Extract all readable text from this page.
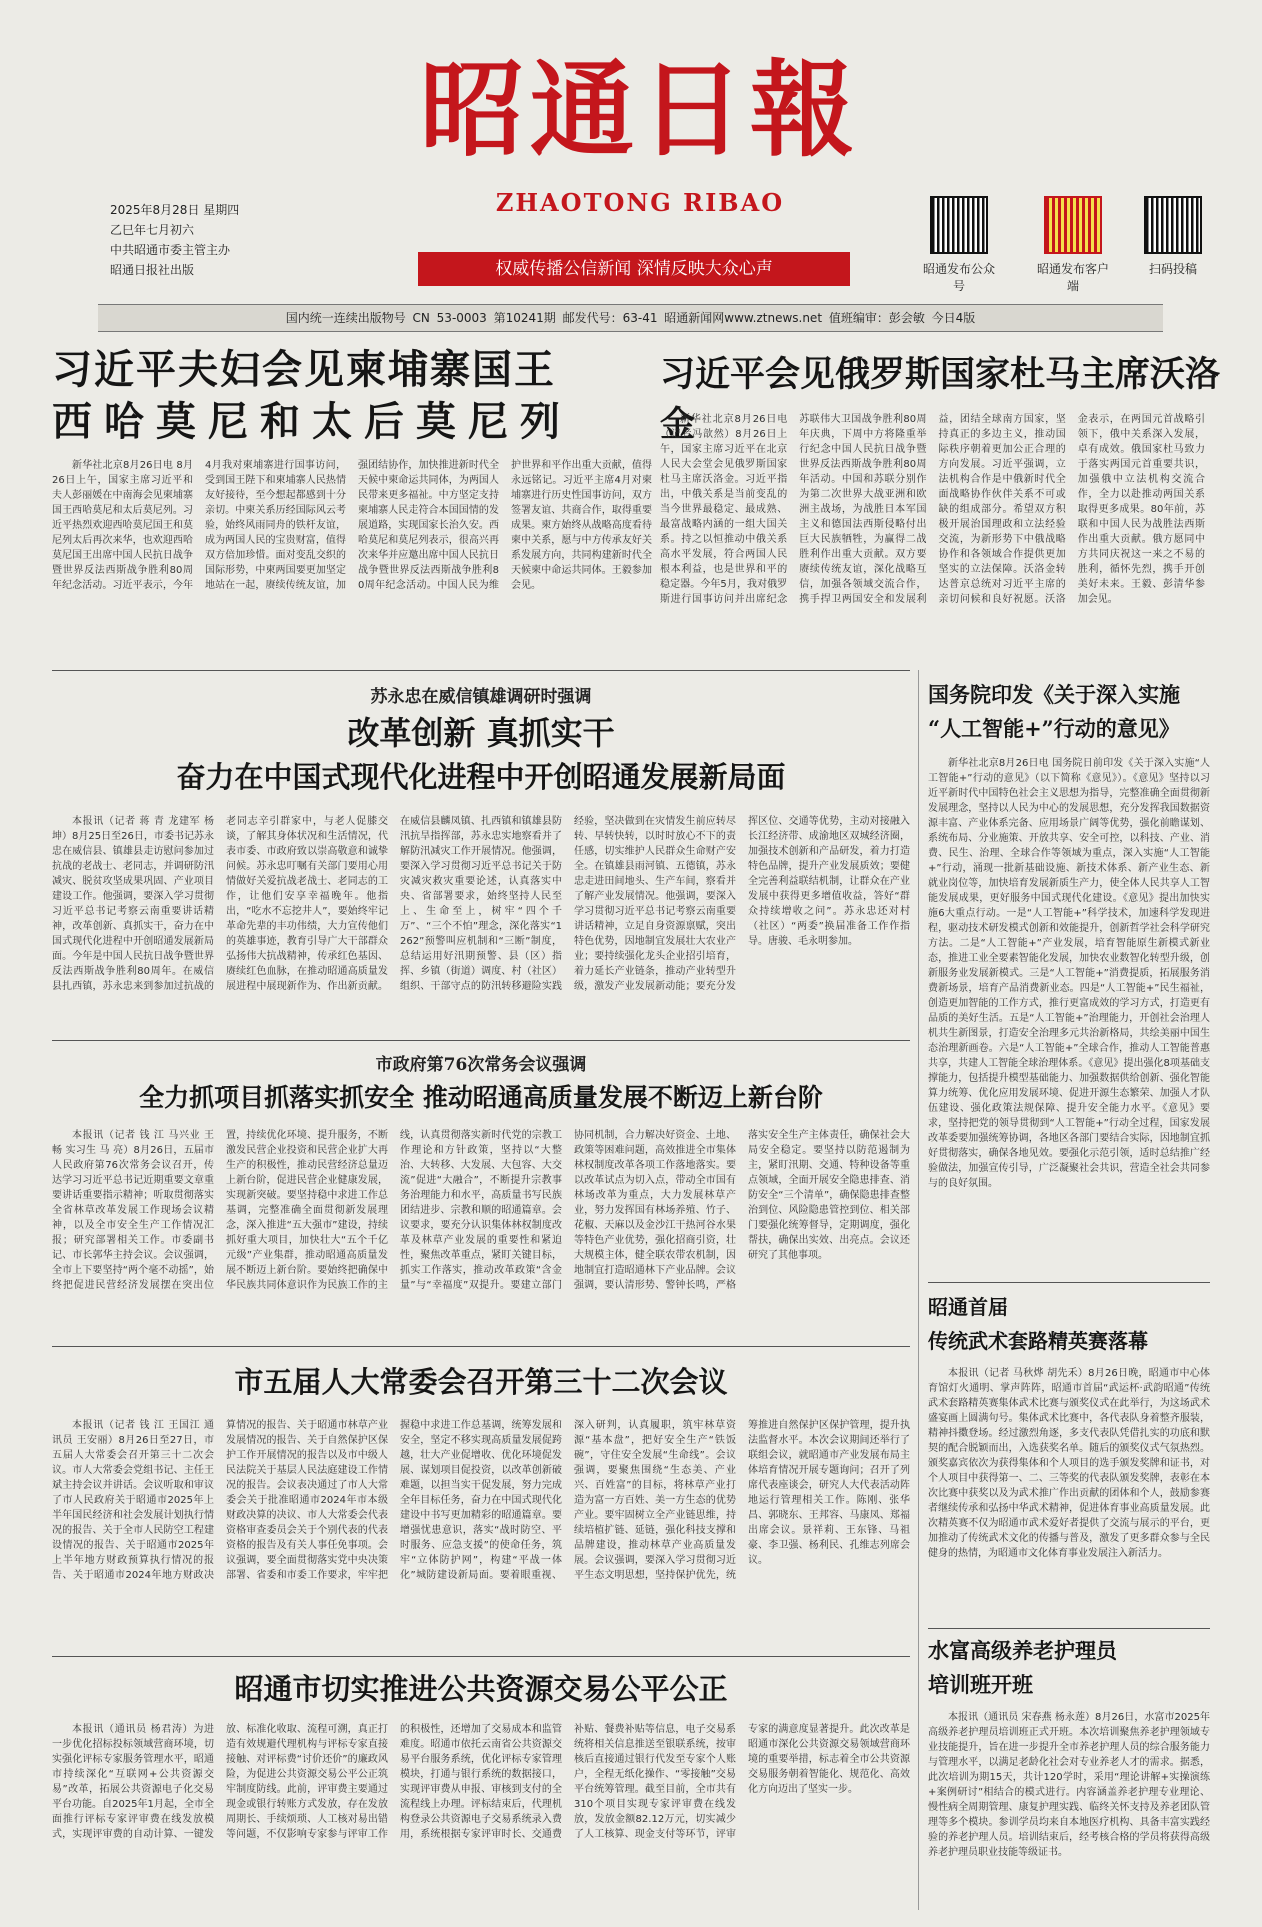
昭通日報
ZHAOTONG RIBAO
权威传播公信新闻 深情反映大众心声
2025年8月28日 星期四
乙巳年七月初六
中共昭通市委主管主办
昭通日报社出版	昭通发布公众号
昭通发布客户端
扫码投稿
国内统一连续出版物号 CN 53-0003 第10241期 邮发代号：63-41 昭通新闻网www.ztnews.net 值班编审：彭会敏 今日4版
习近平夫妇会见柬埔寨国王
西哈莫尼和太后莫尼列

新华社北京8月26日电 8月26日上午，国家主席习近平和夫人彭丽媛在中南海会见柬埔寨国王西哈莫尼和太后莫尼列。习近平热烈欢迎西哈莫尼国王和莫尼列太后再次来华，也欢迎西哈莫尼国王出席中国人民抗日战争暨世界反法西斯战争胜利80周年纪念活动。习近平表示，今年4月我对柬埔寨进行国事访问，受到国王陛下和柬埔寨人民热情友好接待，至今想起都感到十分亲切。中柬关系历经国际风云考验，始终风雨同舟的铁杆友谊，成为两国人民的宝贵财富，值得双方倍加珍惜。面对变乱交织的国际形势，中柬两国要更加坚定地站在一起，赓续传统友谊，加强团结协作，加快推进新时代全天候中柬命运共同体，为两国人民带来更多福祉。中方坚定支持柬埔寨人民走符合本国国情的发展道路，实现国家长治久安。西哈莫尼和莫尼列表示，很高兴再次来华并应邀出席中国人民抗日战争暨世界反法西斯战争胜利80周年纪念活动。中国人民为维护世界和平作出重大贡献，值得永远铭记。习近平主席4月对柬埔寨进行历史性国事访问，双方签署友谊、共商合作，取得重要成果。柬方始终从战略高度看待柬中关系，愿与中方传承友好关系发展方向，共同构建新时代全天候柬中命运共同体。王毅参加会见。

习近平会见俄罗斯国家杜马主席沃洛金

新华社北京8月26日电（记者冯歆然）8月26日上午，国家主席习近平在北京人民大会堂会见俄罗斯国家杜马主席沃洛金。习近平指出，中俄关系是当前变乱的当今世界最稳定、最成熟、最富战略内涵的一组大国关系。持之以恒推动中俄关系高水平发展，符合两国人民根本利益，也是世界和平的稳定器。今年5月，我对俄罗斯进行国事访问并出席纪念苏联伟大卫国战争胜利80周年庆典，下周中方将隆重举行纪念中国人民抗日战争暨世界反法西斯战争胜利80周年活动。中国和苏联分别作为第二次世界大战亚洲和欧洲主战场，为战胜日本军国主义和德国法西斯侵略付出巨大民族牺牲，为赢得二战胜利作出重大贡献。双方要赓续传统友谊，深化战略互信，加强各领域交流合作，携手捍卫两国安全和发展利益，团结全球南方国家，坚持真正的多边主义，推动国际秩序朝着更加公正合理的方向发展。习近平强调，立法机构合作是中俄新时代全面战略协作伙伴关系不可或缺的组成部分。希望双方积极开展治国理政和立法经验交流，为新形势下中俄战略协作和各领域合作提供更加坚实的立法保障。沃洛金转达普京总统对习近平主席的亲切问候和良好祝愿。沃洛金表示，在两国元首战略引领下，俄中关系深入发展，卓有成效。俄国家杜马致力于落实两国元首重要共识，加强俄中立法机构交流合作，全力以赴推动两国关系取得更多成果。80年前，苏联和中国人民为战胜法西斯作出重大贡献。俄方愿同中方共同庆祝这一来之不易的胜利，循怀先烈，携手开创美好未来。王毅、彭清华参加会见。

苏永忠在威信镇雄调研时强调
改革创新 真抓实干
奋力在中国式现代化进程中开创昭通发展新局面

本报讯（记者 蒋 青 龙建军 杨坤）8月25日至26日，市委书记苏永忠在威信县、镇雄县走访慰问参加过抗战的老战士、老同志，并调研防汛减灾、脱贫攻坚成果巩固、产业项目建设工作。他强调，要深入学习贯彻习近平总书记考察云南重要讲话精神，改革创新、真抓实干，奋力在中国式现代化进程中开创昭通发展新局面。今年是中国人民抗日战争暨世界反法西斯战争胜利80周年。在威信县扎西镇，苏永忠来到参加过抗战的老同志辛引群家中，与老人促膝交谈，了解其身体状况和生活情况，代表市委、市政府致以崇高敬意和诚挚问候。苏永忠叮嘱有关部门要用心用情做好关爱抗战老战士、老同志的工作，让他们安享幸福晚年。他指出，“吃水不忘挖井人”，要始终牢记革命先辈的丰功伟绩，大力宣传他们的英雄事迹，教育引导广大干部群众弘扬伟大抗战精神，传承红色基因、赓续红色血脉，在推动昭通高质量发展进程中展现新作为、作出新贡献。在威信县麟凤镇、扎西镇和镇雄县防汛抗旱指挥部，苏永忠实地察看并了解防汛减灾工作开展情况。他强调，要深入学习贯彻习近平总书记关于防灾减灾救灾重要论述，认真落实中央、省部署要求，始终坚持人民至上、生命至上，树牢“四个千万”、“三个不怕”理念，深化落实“1262”预警叫应机制和“三断”制度，总结运用好汛期预警、县（区）指挥、乡镇（街道）调度、村（社区）组织、干部守点的防汛转移避险实践经验，坚决做到在灾情发生前应转尽转、早转快转，以时时放心不下的责任感，切实维护人民群众生命财产安全。在镇雄县雨河镇、五德镇，苏永忠走进田间地头、生产车间，察看并了解产业发展情况。他强调，要深入学习贯彻习近平总书记考察云南重要讲话精神，立足自身资源禀赋，突出特色优势，因地制宜发展壮大农业产业；要持续强化龙头企业招引培育，着力延长产业链条，推动产业转型升级，激发产业发展新动能；要充分发挥区位、交通等优势，主动对接融入长江经济带、成渝地区双城经济圈，加强技术创新和产品研发，着力打造特色品牌，提升产业发展质效；要健全完善利益联结机制，让群众在产业发展中获得更多增值收益，答好“群众持续增收之问”。苏永忠还对村（社区）“两委”换届准备工作作指导。唐骏、毛永明参加。

市政府第76次常务会议强调
全力抓项目抓落实抓安全 推动昭通高质量发展不断迈上新台阶

本报讯（记者 钱 江 马兴业 王 畅 实习生 马 亮）8月26日，五届市人民政府第76次常务会议召开，传达学习习近平总书记近期重要文章重要讲话重要指示精神；听取贯彻落实全省林草改革发展工作现场会议精神，以及全市安全生产工作情况汇报；研究部署相关工作。市委副书记、市长郭华主持会议。会议强调，全市上下要坚持“两个毫不动摇”，始终把促进民营经济发展摆在突出位置，持续优化环境、提升服务，不断激发民营企业投资和民营企业扩大再生产的积极性，推动民营经济总量迈上新台阶，促进民营企业健康发展，实现新突破。要坚持稳中求进工作总基调，完整准确全面贯彻新发展理念，深入推进“五大强市”建设，持续抓好重大项目，加快壮大“五个千亿元级”产业集群，推动昭通高质量发展不断迈上新台阶。要始终把确保中华民族共同体意识作为民族工作的主线，认真贯彻落实新时代党的宗教工作理论和方针政策，坚持以“大整治、大转移、大发展、大包容、大交流”促进“大融合”，不断提升宗教事务治理能力和水平，高质量书写民族团结进步、宗教和顺的昭通篇章。会议要求，要充分认识集体林权制度改革及林草产业发展的重要性和紧迫性，聚焦改革重点，紧盯关键目标，抓实工作落实，推动改革政策“含金量”与“幸福度”双提升。要建立部门协同机制，合力解决好资金、土地、政策等困难问题，高效推进全市集体林权制度改革各项工作落地落实。要以改革试点为切入点，带动全市国有林场改革为重点，大力发展林草产业，努力发挥国有林场养殖、竹子、花椒、天麻以及金沙江干热河谷水果等特色产业优势，强化招商引资，壮大规模主体，健全联农带农机制，因地制宜打造昭通林下产业品牌。会议强调，要认清形势、警钟长鸣，严格落实安全生产主体责任，确保社会大局安全稳定。要坚持以防范遏制为主，紧盯汛期、交通、特种设备等重点领域，全面开展安全隐患排查、消防安全“三个清单”，确保隐患排查整治到位、风险隐患管控到位、相关部门要强化统筹督导，定期调度，强化帮扶，确保出实效、出亮点。会议还研究了其他事项。

市五届人大常委会召开第三十二次会议

本报讯（记者 钱 江 王国江 通讯员 王安丽）8月26日至27日，市五届人大常委会召开第三十二次会议。市人大常委会党组书记、主任王斌主持会议并讲话。会议听取和审议了市人民政府关于昭通市2025年上半年国民经济和社会发展计划执行情况的报告、关于全市人民防空工程建设情况的报告、关于昭通市2025年上半年地方财政预算执行情况的报告、关于昭通市2024年地方财政决算情况的报告、关于昭通市林草产业发展情况的报告、关于自然保护区保护工作开展情况的报告以及市中级人民法院关于基层人民法庭建设工作情况的报告。会议表决通过了市人大常委会关于批准昭通市2024年市本级财政决算的决议、市人大常委会代表资格审查委员会关于个别代表的代表资格的报告及有关人事任免事项。会议强调，要全面贯彻落实党中央决策部署、省委和市委工作要求，牢牢把握稳中求进工作总基调，统筹发展和安全，坚定不移实现高质量发展促跨越，壮大产业促增收、优化环境促发展、谋划项目促投资，以改革创新破难题，以担当实干促发展，努力完成全年目标任务，奋力在中国式现代化建设中书写更加精彩的昭通篇章。要增强忧患意识，落实“战时防空、平时服务、应急支援”的使命任务，筑牢“立体防护网”，构建“平战一体化”城防建设新局面。要着眼重视、深入研判，认真履职，筑牢林草资源“基本盘”，把好安全生产“铁饭碗”，守住安全发展“生命线”。会议强调，要聚焦围绕“生态美、产业兴、百姓富”的目标，将林草产业打造为富一方百姓、美一方生态的优势产业。要牢固树立全产业链思维，持续培植扩链、延链，强化科技支撑和品牌建设，推动林草产业高质量发展。会议强调，要深入学习贯彻习近平生态文明思想，坚持保护优先，统筹推进自然保护区保护管理，提升执法监督水平。本次会议期间还举行了联组会议，就昭通市产业发展布局主体培育情况开展专题询问；召开了列席代表座谈会，研究人大代表活动阵地运行管理相关工作。陈刚、张华昌、郭晓东、王邦容、马康凤、郑福出席会议。景祥莉、王东锋、马祖豪、李卫强、杨利民、孔维志列席会议。

昭通市切实推进公共资源交易公平公正

本报讯（通讯员 杨君涛）为进一步优化招标投标领域营商环境，切实强化评标专家服务管理水平，昭通市持续深化“互联网+公共资源交易”改革，拓展公共资源电子化交易平台功能。自2025年1月起，全市全面推行评标专家评审费在线发放模式，实现评审费的自动计算、一键发放、标准化收取、流程可溯，真正打造有效规避代理机构与评标专家直接接触、对评标费“讨价还价”的廉政风险，为促进公共资源交易公平公正筑牢制度防线。此前，评审费主要通过现金或银行转账方式发放，存在发放周期长、手续烦琐、人工核对易出错等问题，不仅影响专家参与评审工作的积极性，还增加了交易成本和监管难度。昭通市依托云南省公共资源交易平台服务系统，优化评标专家管理模块，打通与银行系统的数据接口，实现评审费从申报、审核到支付的全流程线上办理。评标结束后，代理机构登录公共资源电子交易系统录入费用，系统根据专家评审时长、交通费补贴、餐费补贴等信息，电子交易系统将相关信息推送至银联系统，按审核后直接通过银行代发至专家个人账户，全程无纸化操作、“零接触”交易平台统筹管理。截至目前，全市共有310个项目实现专家评审费在线发放，发放金额82.12万元，切实减少了人工核算、现金支付等环节，评审专家的满意度显著提升。此次改革是昭通市深化公共资源交易领域营商环境的重要举措，标志着全市公共资源交易服务朝着智能化、规范化、高效化方向迈出了坚实一步。

国务院印发《关于深入实施
“人工智能+”行动的意见》

新华社北京8月26日电 国务院日前印发《关于深入实施“人工智能+”行动的意见》（以下简称《意见》）。《意见》坚持以习近平新时代中国特色社会主义思想为指导，完整准确全面贯彻新发展理念，坚持以人民为中心的发展思想，充分发挥我国数据资源丰富、产业体系完备、应用场景广阔等优势，强化前瞻谋划、系统布局、分业施策、开放共享、安全可控，以科技、产业、消费、民生、治理、全球合作等领域为重点，深入实施“人工智能+”行动，涌现一批新基础设施、新技术体系、新产业生态、新就业岗位等，加快培育发展新质生产力，使全体人民共享人工智能发展成果，更好服务中国式现代化建设。《意见》提出加快实施6大重点行动。一是“人工智能+”科学技术，加速科学发现进程，驱动技术研发模式创新和效能提升，创新哲学社会科学研究方法。二是“人工智能+”产业发展，培育智能原生新模式新业态，推进工业全要素智能化发展，加快农业数智化转型升级，创新服务业发展新模式。三是“人工智能+”消费提质，拓展服务消费新场景，培育产品消费新业态。四是“人工智能+”民生福祉，创造更加智能的工作方式，推行更富成效的学习方式，打造更有品质的美好生活。五是“人工智能+”治理能力，开创社会治理人机共生新图景，打造安全治理多元共治新格局，共绘美丽中国生态治理新画卷。六是“人工智能+”全球合作，推动人工智能普惠共享，共建人工智能全球治理体系。《意见》提出强化8项基础支撑能力，包括提升模型基础能力、加强数据供给创新、强化智能算力统筹、优化应用发展环境、促进开源生态繁荣、加强人才队伍建设、强化政策法规保障、提升安全能力水平。《意见》要求，坚持把党的领导贯彻到“人工智能+”行动全过程，国家发展改革委要加强统筹协调，各地区各部门要结合实际，因地制宜抓好贯彻落实，确保各地见效。要强化示范引领，适时总结推广经验做法，加强宣传引导，广泛凝聚社会共识，营造全社会共同参与的良好氛围。

昭通首届
传统武术套路精英赛落幕

本报讯（记者 马秋烨 胡先禾）8月26日晚，昭通市中心体育馆灯火通明、掌声阵阵，昭通市首届“武运杯·武韵昭通”传统武术套路精英赛集体武术比赛与颁奖仪式在此举行，为这场武术盛宴画上圆满句号。集体武术比赛中，各代表队身着整齐服装，精神抖擞登场。经过激烈角逐，多支代表队凭借扎实的功底和默契的配合脱颖而出，入选获奖名单。随后的颁奖仪式气氛热烈。颁奖嘉宾依次为获得集体和个人项目的选手颁发奖牌和证书，对个人项目中获得第一、二、三等奖的代表队颁发奖牌，表彰在本次比赛中获奖以及为武术推广作出贡献的团体和个人，鼓励参赛者继续传承和弘扬中华武术精神，促进体育事业高质量发展。此次精英赛不仅为昭通市武术爱好者提供了交流与展示的平台，更加推动了传统武术文化的传播与普及，激发了更多群众参与全民健身的热情，为昭通市文化体育事业发展注入新活力。

水富高级养老护理员
培训班开班

本报讯（通讯员 宋春燕 杨永莲）8月26日，水富市2025年高级养老护理员培训班正式开班。本次培训聚焦养老护理领域专业技能提升，旨在进一步提升全市养老护理人员的综合服务能力与管理水平，以满足老龄化社会对专业养老人才的需求。据悉，此次培训为期15天，共计120学时，采用“理论讲解+实操演练+案例研讨”相结合的模式进行。内容涵盖养老护理专业理论、慢性病全周期管理、康复护理实践、临终关怀支持及养老团队管理等多个模块。参训学员均来自本地医疗机构、具备丰富实践经验的养老护理人员。培训结束后，经考核合格的学员将获得高级养老护理员职业技能等级证书。
